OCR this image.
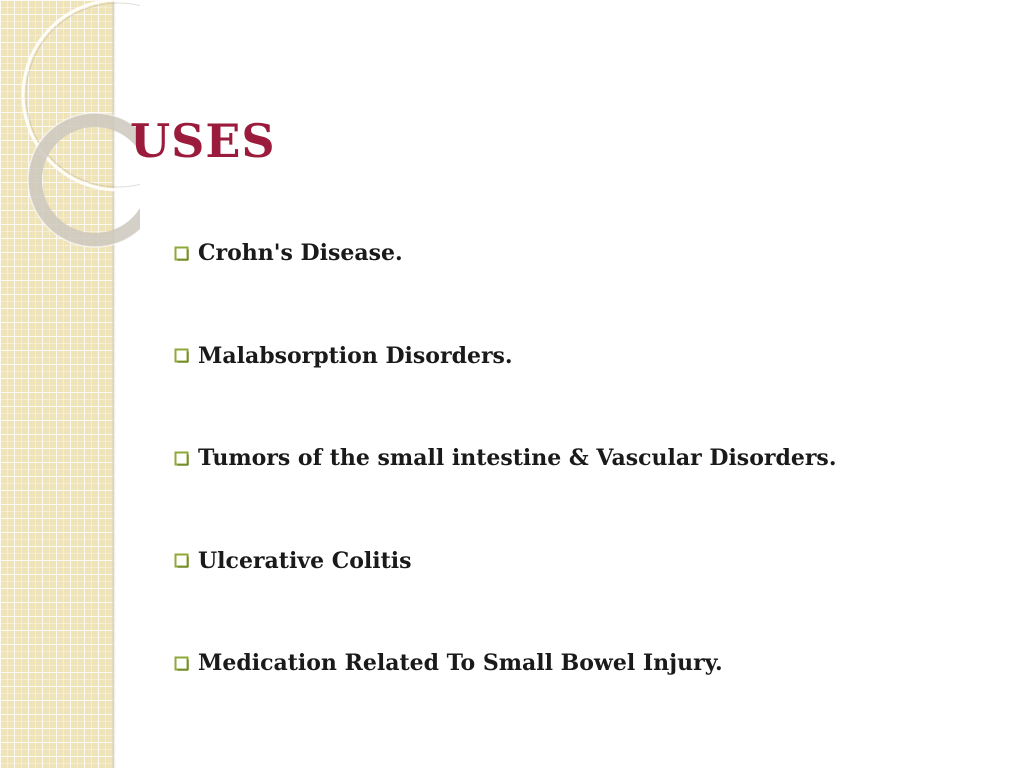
USES
Crohn's Disease.
Malabsorption Disorders.
Tumors of the small intestine & Vascular Disorders.
Ulcerative Colitis
Medication Related To Small Bowel Injury.
